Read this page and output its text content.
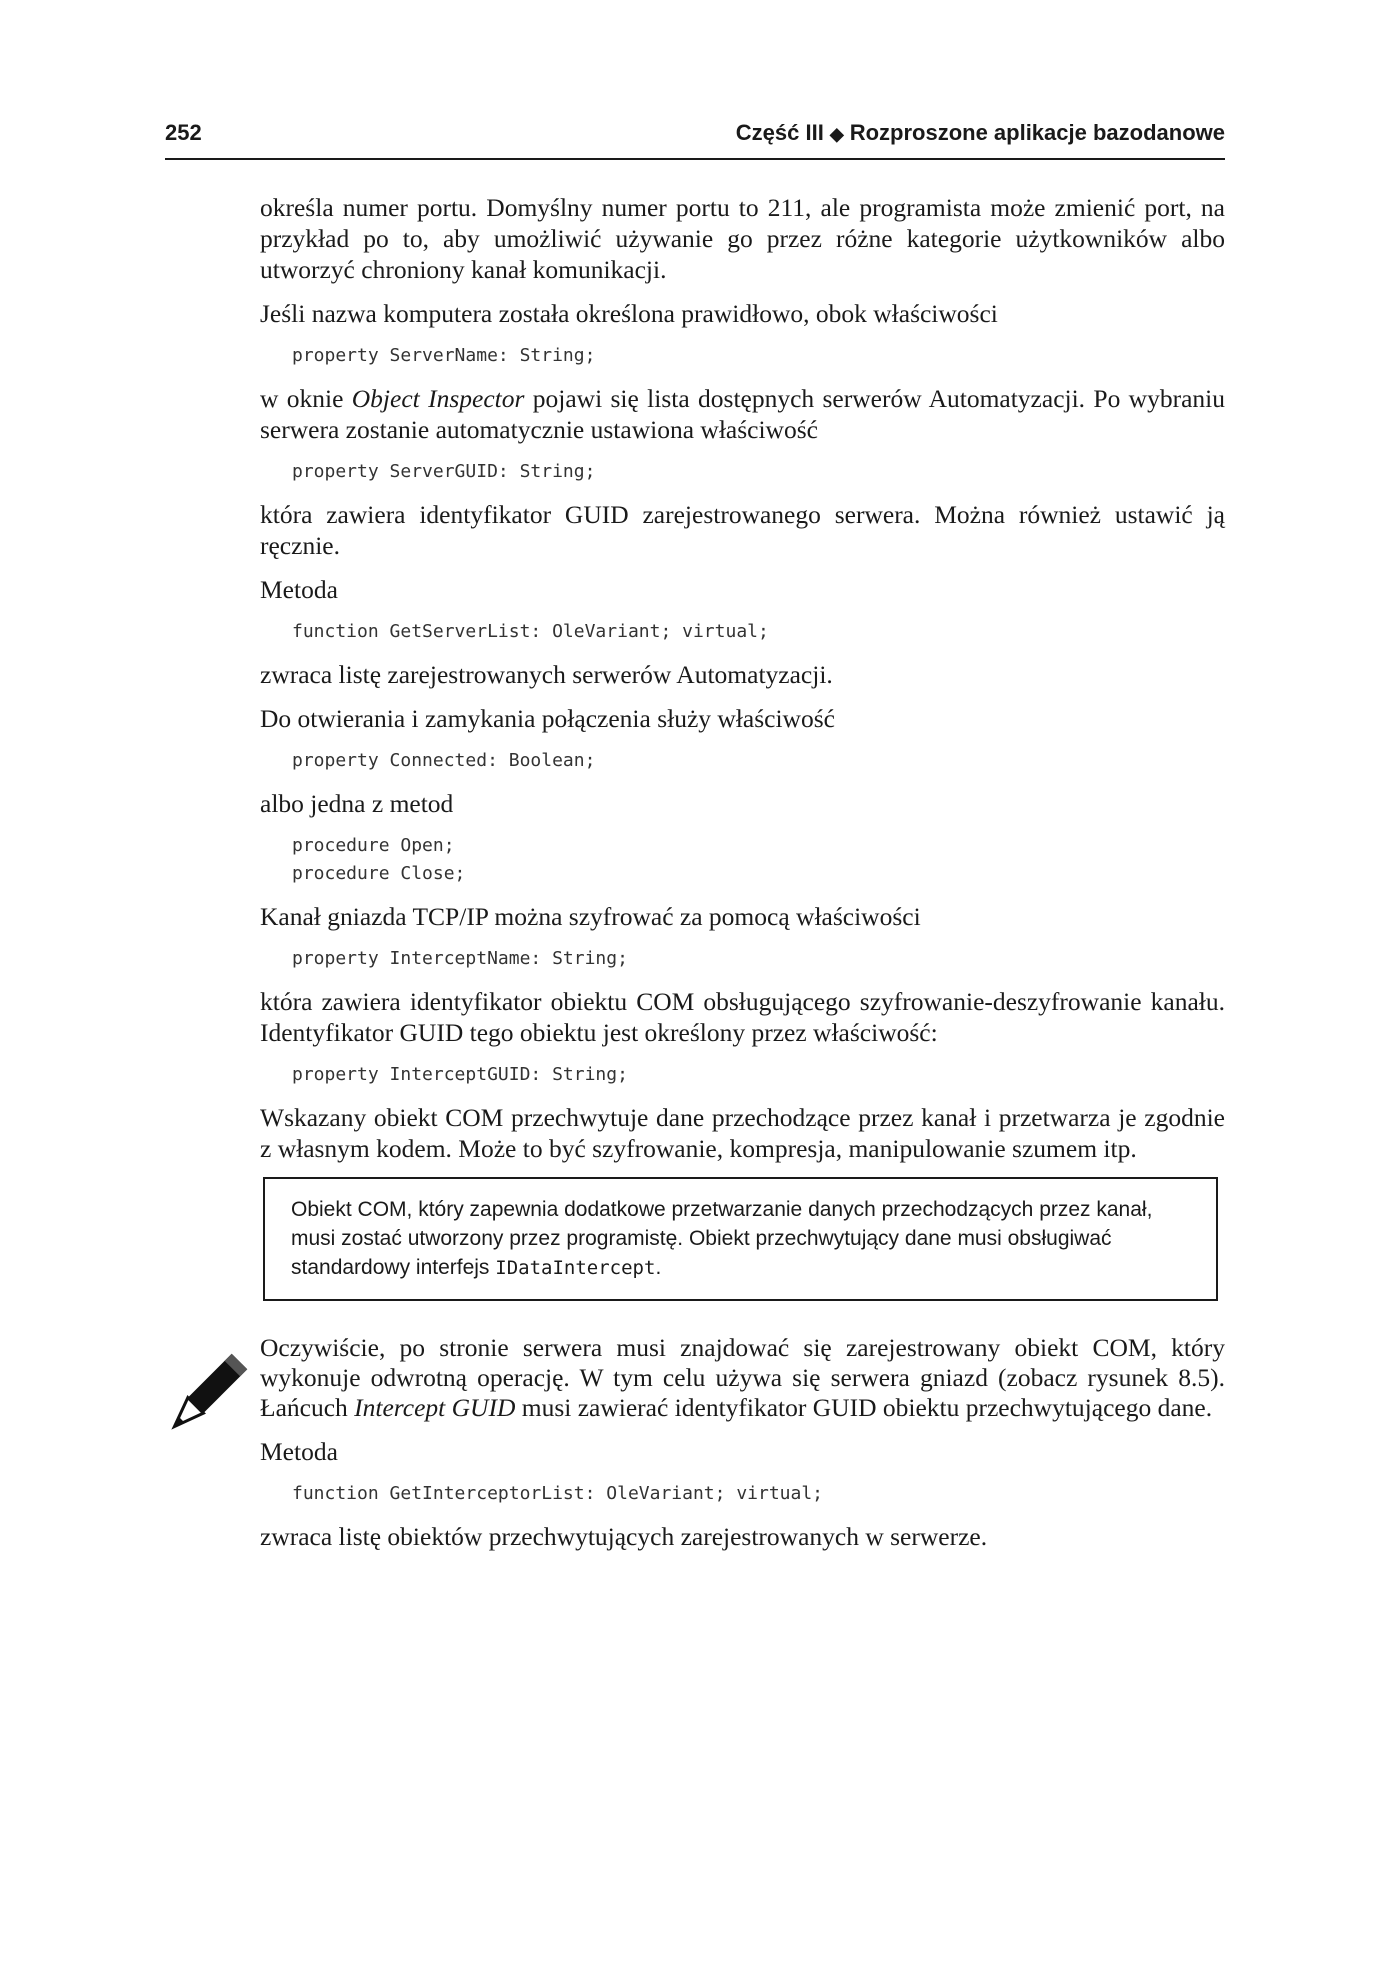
252	Część III ◆ Rozproszone aplikacje bazodanowe

określa numer portu. Domyślny numer portu to 211, ale programista może zmienić port, na przykład po to, aby umożliwić używanie go przez różne kategorie użytkowników albo utworzyć chroniony kanał komunikacji.

Jeśli nazwa komputera została określona prawidłowo, obok właściwości

property ServerName: String;

w oknie Object Inspector pojawi się lista dostępnych serwerów Automatyzacji. Po wybraniu serwera zostanie automatycznie ustawiona właściwość

property ServerGUID: String;

która zawiera identyfikator GUID zarejestrowanego serwera. Można również ustawić ją ręcznie.

Metoda

function GetServerList: OleVariant; virtual;

zwraca listę zarejestrowanych serwerów Automatyzacji.

Do otwierania i zamykania połączenia służy właściwość

property Connected: Boolean;

albo jedna z metod

procedure Open;
procedure Close;

Kanał gniazda TCP/IP można szyfrować za pomocą właściwości

property InterceptName: String;

która zawiera identyfikator obiektu COM obsługującego szyfrowanie-deszyfrowanie kanału. Identyfikator GUID tego obiektu jest określony przez właściwość:

property InterceptGUID: String;

Wskazany obiekt COM przechwytuje dane przechodzące przez kanał i przetwarza je zgodnie z własnym kodem. Może to być szyfrowanie, kompresja, manipulowanie szumem itp.

Obiekt COM, który zapewnia dodatkowe przetwarzanie danych przechodzących przez kanał, musi zostać utworzony przez programistę. Obiekt przechwytujący dane musi obsługiwać standardowy interfejs IDataIntercept.

Oczywiście, po stronie serwera musi znajdować się zarejestrowany obiekt COM, który wykonuje odwrotną operację. W tym celu używa się serwera gniazd (zobacz rysunek 8.5). Łańcuch Intercept GUID musi zawierać identyfikator GUID obiektu przechwytującego dane.

Metoda

function GetInterceptorList: OleVariant; virtual;

zwraca listę obiektów przechwytujących zarejestrowanych w serwerze.
